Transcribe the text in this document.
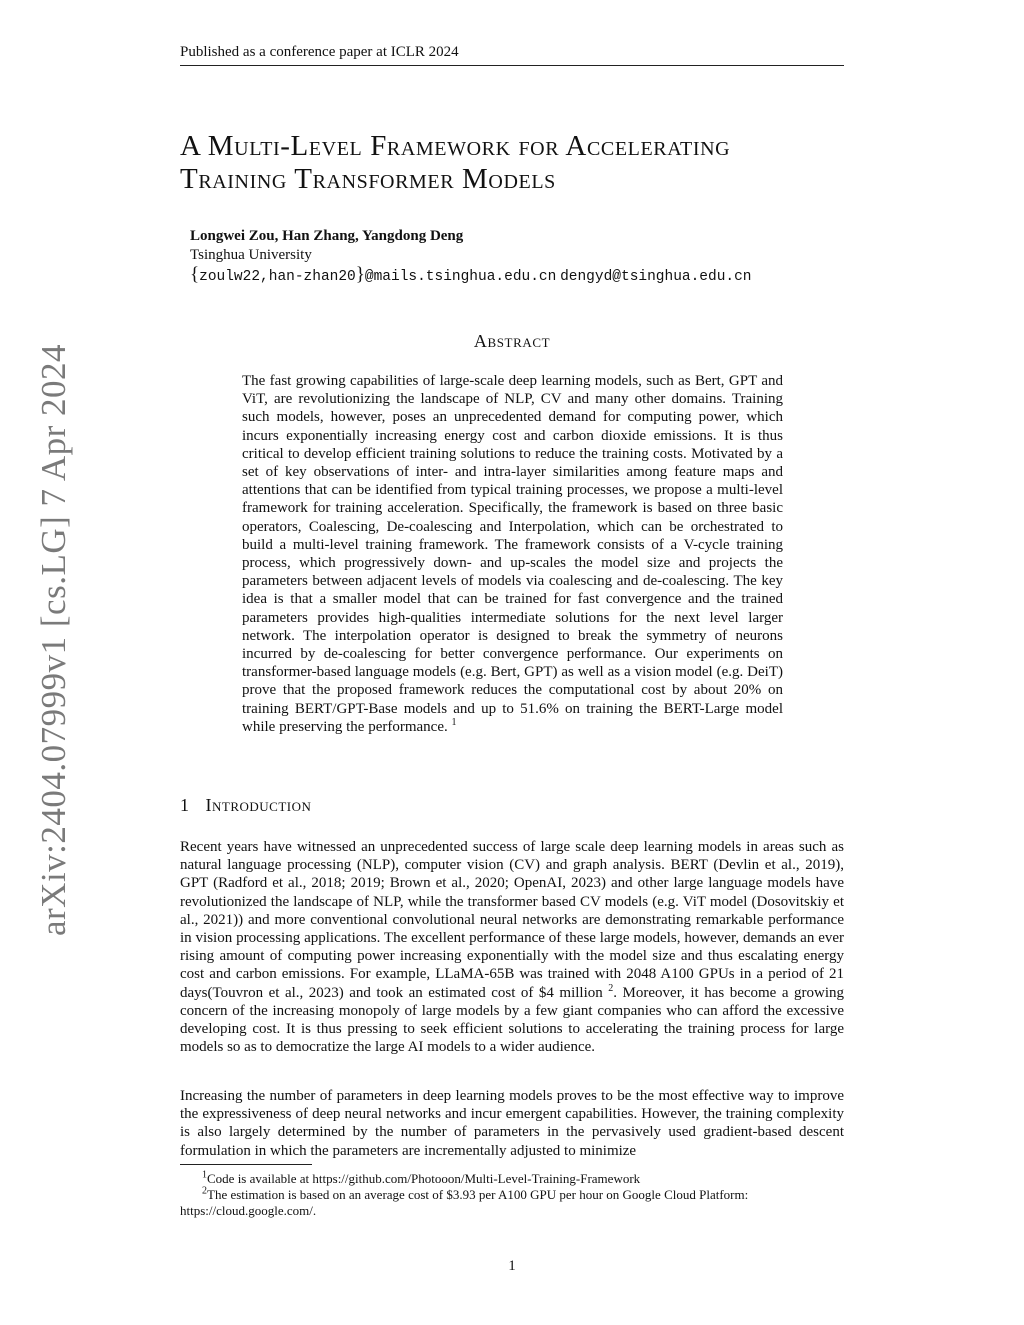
Published as a conference paper at ICLR 2024
A Multi-Level Framework for Accelerating
Training Transformer Models
Longwei Zou, Han Zhang, Yangdong Deng
Tsinghua University
{zoulw22,han-zhan20}@mails.tsinghua.edu.cn dengyd@tsinghua.edu.cn
arXiv:2404.07999v1 [cs.LG] 7 Apr 2024
Abstract
The fast growing capabilities of large-scale deep learning models, such as Bert, GPT and ViT, are revolutionizing the landscape of NLP, CV and many other domains. Training such models, however, poses an unprecedented demand for computing power, which incurs exponentially increasing energy cost and carbon dioxide emissions. It is thus critical to develop efficient training solutions to reduce the training costs. Motivated by a set of key observations of inter- and intra-layer similarities among feature maps and attentions that can be identified from typical training processes, we propose a multi-level framework for training acceleration. Specifically, the framework is based on three basic operators, Coalescing, De-coalescing and Interpolation, which can be orchestrated to build a multi-level training framework. The framework consists of a V-cycle training process, which progressively down- and up-scales the model size and projects the parameters between adjacent levels of models via coalescing and de-coalescing. The key idea is that a smaller model that can be trained for fast convergence and the trained parameters provides high-qualities intermediate solutions for the next level larger network. The interpolation operator is designed to break the symmetry of neurons incurred by de-coalescing for better convergence performance. Our experiments on transformer-based language models (e.g. Bert, GPT) as well as a vision model (e.g. DeiT) prove that the proposed framework reduces the computational cost by about 20% on training BERT/GPT-Base models and up to 51.6% on training the BERT-Large model while preserving the performance. $^1$
1 Introduction
Recent years have witnessed an unprecedented success of large scale deep learning models in areas such as natural language processing (NLP), computer vision (CV) and graph analysis. BERT (Devlin et al., 2019), GPT (Radford et al., 2018; 2019; Brown et al., 2020; OpenAI, 2023) and other large language models have revolutionized the landscape of NLP, while the transformer based CV models (e.g. ViT model (Dosovitskiy et al., 2021)) and more conventional convolutional neural networks are demonstrating remarkable performance in vision processing applications. The excellent performance of these large models, however, demands an ever rising amount of computing power increasing exponentially with the model size and thus escalating energy cost and carbon emissions. For example, LLaMA-65B was trained with 2048 A100 GPUs in a period of 21 days(Touvron et al., 2023) and took an estimated cost of $4 million $^2$. Moreover, it has become a growing concern of the increasing monopoly of large models by a few giant companies who can afford the excessive developing cost. It is thus pressing to seek efficient solutions to accelerating the training process for large models so as to democratize the large AI models to a wider audience.
Increasing the number of parameters in deep learning models proves to be the most effective way to improve the expressiveness of deep neural networks and incur emergent capabilities. However, the training complexity is also largely determined by the number of parameters in the pervasively used gradient-based descent formulation in which the parameters are incrementally adjusted to minimize
$^1$Code is available at https://github.com/Photooon/Multi-Level-Training-Framework
$^2$The estimation is based on an average cost of $3.93 per A100 GPU per hour on Google Cloud Platform: https://cloud.google.com/.
1
